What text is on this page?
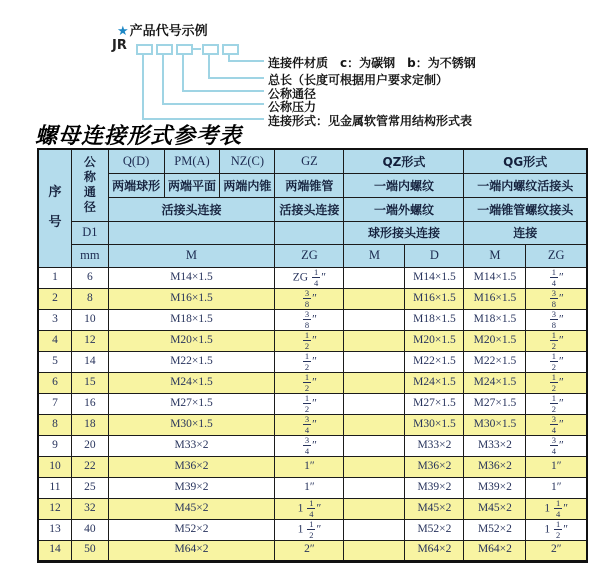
★产品代号示例
JR
连接件材质　c：为碳钢　b：为不锈钢
总长（长度可根据用户要求定制）
公称通径
公称压力
连接形式：见金属软管常用结构形式表
螺母连接形式参考表
序号	公称通径	Q(D)	PM(A)	NZ(C)	GZ	QZ形式		QG形式	
		两端球形	两端平面	两端内锥	两端锥管	一端内螺纹		一端内螺纹活接头	
		活接头连接			活接头连接	一端外螺纹		一端锥管螺纹接头	
	D1					球形接头连接		连接	
	mm	M			ZG	M	D	M	ZG
1	6	M14×1.5			ZG $\frac{1}{4}$ ″		M14×1.5	M14×1.5	$\frac{1}{4}$ ″
2	8	M16×1.5			$\frac{3}{8}$ ″		M16×1.5	M16×1.5	$\frac{3}{8}$ ″
3	10	M18×1.5			$\frac{3}{8}$ ″		M18×1.5	M18×1.5	$\frac{3}{8}$ ″
4	12	M20×1.5			$\frac{1}{2}$ ″		M20×1.5	M20×1.5	$\frac{1}{2}$ ″
5	14	M22×1.5			$\frac{1}{2}$ ″		M22×1.5	M22×1.5	$\frac{1}{2}$ ″
6	15	M24×1.5			$\frac{1}{2}$ ″		M24×1.5	M24×1.5	$\frac{1}{2}$ ″
7	16	M27×1.5			$\frac{1}{2}$ ″		M27×1.5	M27×1.5	$\frac{1}{2}$ ″
8	18	M30×1.5			$\frac{3}{4}$ ″		M30×1.5	M30×1.5	$\frac{3}{4}$ ″
9	20	M33×2			$\frac{3}{4}$ ″		M33×2	M33×2	$\frac{3}{4}$ ″
10	22	M36×2			1″		M36×2	M36×2	1″
11	25	M39×2			1″		M39×2	M39×2	1″
12	32	M45×2			$1 \frac{1}{4}$ ″		M45×2	M45×2	$1 \frac{1}{4}$ ″
13	40	M52×2			$1 \frac{1}{2}$ ″		M52×2	M52×2	$1 \frac{1}{2}$ ″
14	50	M64×2			2″		M64×2	M64×2	2″
